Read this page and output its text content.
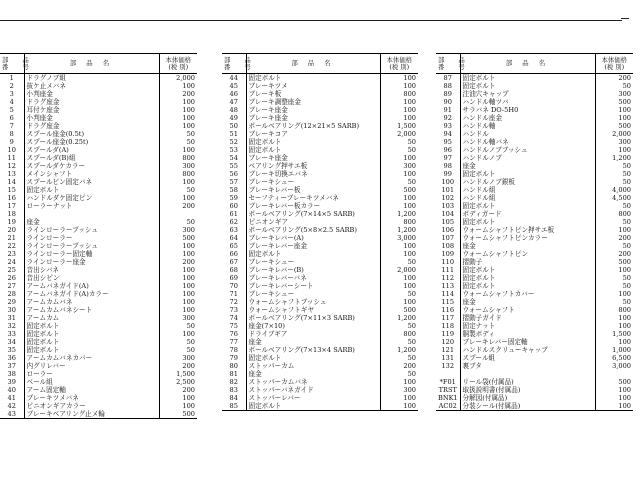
部 品
番 号	部 品 名	本体価格
(税 別)
1	ドラグノブ組	2,000
2	抜ケ止メバネ	100
3	小判座金	200
4	ドラグ座金	100
5	耳付ケ座金	100
6	小判座金	100
7	ドラグ座金	100
8	スプール座金(0.5t)	50
9	スプール座金(0.25t)	50
10	スプールダ(A)	100
11	スプールダ(B)組	800
12	スプールダケカラー	300
13	メインシャフト	800
14	スプールピン固定バネ	100
15	固定ボルト	50
16	ハンドルダケ固定ピン	100
17	ローラーナット	200
18		
19	座金	50
20	ラインローラーブッシュ	300
21	ラインローラー	500
22	ラインローラーブッシュ	100
23	ラインローラー固定軸	100
24	ラインローラー座金	200
25	音出シバネ	100
26	音出シピン	100
27	アームバネガイド(A)	100
28	アームバネガイド(A)カラー	100
29	アームカムバネ	100
30	アームカムバネシート	100
31	アームカム	300
32	固定ボルト	50
33	固定ボルト	100
34	固定ボルト	50
35	固定ボルト	50
36	アームカムバネカバー	300
37	内グリレバー	200
38	ローラー	1,500
39	ベール組	2,500
40	アーム固定軸	200
41	ブレーキツメバネ	100
42	ピニオンギアカラー	100
43	ブレーキベアリング止メ輪	500
部 品
番 号	部 品 名	本体価格
(税 別)
44	固定ボルト	100
45	ブレーキツメ	100
46	ブレーキ板	800
47	ブレーキ調整座金	100
48	ブレーキ座金	100
49	ブレーキ座金	100
50	ボールベアリング(12×21×5 SARB)	1,500
51	ブレーキコア	2,000
52	固定ボルト	50
53	固定ボルト	50
54	ブレーキ座金	100
55	ベアリング押サエ板	300
56	ブレーキ切換エバネ	100
57	ブレーキシュー	50
58	ブレーキレバー板	500
59	セーフティーブレーキツメバネ	100
60	ブレーキレバー板カラー	100
61	ボールベアリング(7×14×5 SARB)	1,200
62	ピニオンギア	800
63	ボールベアリング(5×8×2.5 SARB)	1,200
64	ブレーキレバー(A)	3,000
65	ブレーキレバー座金	100
66	固定ボルト	100
67	ブレーキシュー	50
68	ブレーキレバー(B)	2,000
69	ブレーキレバーバネ	100
70	ブレーキレバーシート	100
71	ブレーキシュー	50
72	ウォームシャフトブッシュ	100
73	ウォームシャフトギヤ	500
74	ボールベアリング(7×11×3 SARB)	1,200
75	座金(7×10)	50
76	ドライブギア	800
77	座金	50
78	ボールベアリング(7×13×4 SARB)	1,200
79	固定ボルト	50
80	ストッパーカム	200
81	座金	50
82	ストッパーカムバネ	100
83	ストッパーバネガイド	300
84	ストッパーレバー	100
85	固定ボルト	100
部 品
番 号	部 品 名	本体価格
(税 別)
87	固定ボルト	200
88	固定ボルト	50
89	注油穴キャップ	300
90	ハンドル軸ツバ	500
91	サラバネ DO-5H0	100
92	ハンドル座金	100
93	ハンドル軸	500
94	ハンドル	2,000
95	ハンドル軸バネ	300
96	ハンドルノブブッシュ	100
97	ハンドルノブ	1,200
98	座金	50
99	固定ボルト	50
100	ハンドルノブ銀板	50
101	ハンドル組	4,000
102	ハンドル組	4,500
103	固定ボルト	50
104	ボディガード	800
105	固定ボルト	50
106	ウォームシャフトピン押サエ板	100
107	ウォームシャフトピンカラー	200
108	座金	50
109	ウォームシャフトピン	200
110	摺動子	500
111	固定ボルト	100
112	固定ボルト	50
113	固定ボルト	50
114	ウォームシャフトカバー	100
115	座金	50
116	ウォームシャフト	800
117	摺動子ガイド	100
118	固定ナット	100
119	胴製ボディ	1,500
120	ブレーキレバー固定軸	100
121	ハンドルスクリューキャップ	1,000
131	スプール組	6,500
132	裏ブタ	3,000

*F01	リール袋(付属品)	500
TRST	取扱説明書(付属品)	100
BNK1	分解図(付属品)	100
AC02	分装シール(付属品)	100
